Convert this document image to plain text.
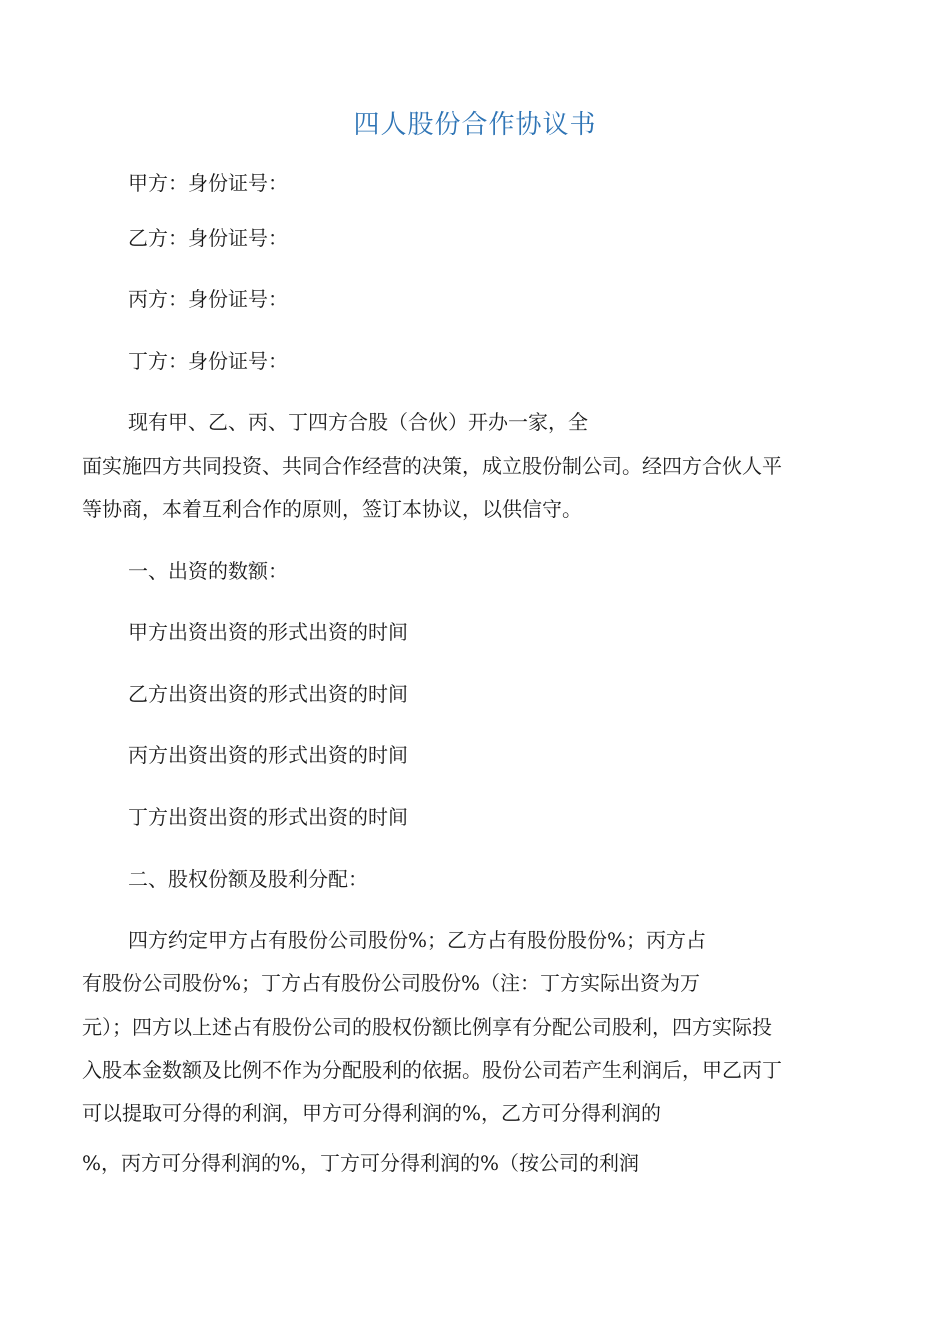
四人股份合作协议书
甲方：身份证号：
乙方：身份证号：
丙方：身份证号：
丁方：身份证号：
现有甲、乙、丙、丁四方合股（合伙）开办一家，全
面实施四方共同投资、共同合作经营的决策，成立股份制公司。经四方合伙人平
等协商，本着互利合作的原则，签订本协议，以供信守。
一、出资的数额：
甲方出资出资的形式出资的时间
乙方出资出资的形式出资的时间
丙方出资出资的形式出资的时间
丁方出资出资的形式出资的时间
二、股权份额及股利分配：
四方约定甲方占有股份公司股份%；乙方占有股份股份%；丙方占
有股份公司股份%；丁方占有股份公司股份%（注：丁方实际出资为万
元）；四方以上述占有股份公司的股权份额比例享有分配公司股利，四方实际投
入股本金数额及比例不作为分配股利的依据。股份公司若产生利润后，甲乙丙丁
可以提取可分得的利润，甲方可分得利润的%，乙方可分得利润的
%，丙方可分得利润的%，丁方可分得利润的%（按公司的利润
